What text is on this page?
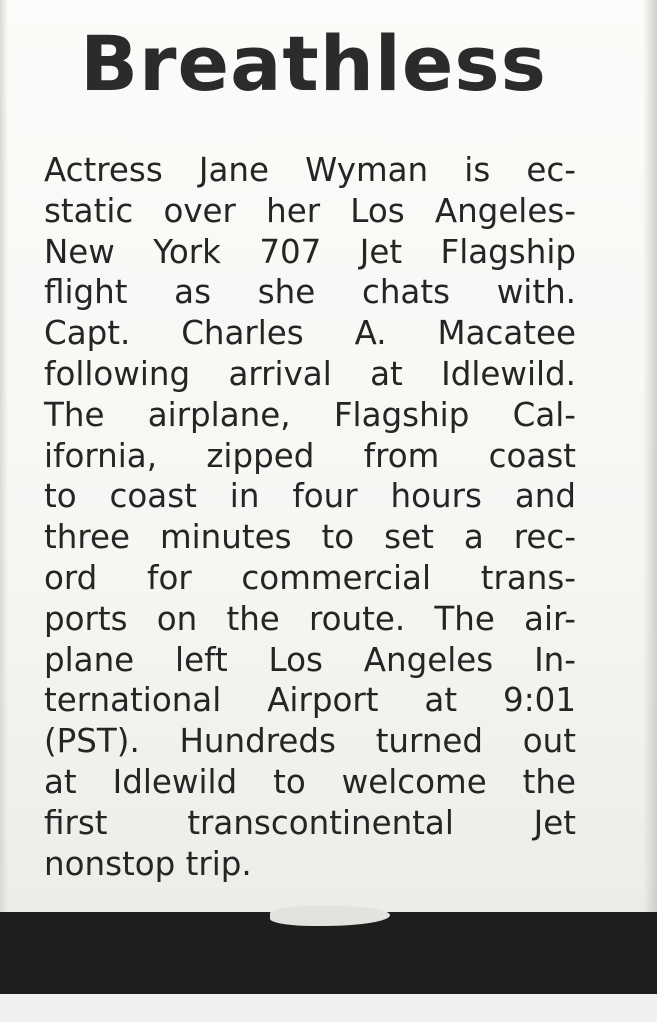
Breathless
Actress Jane Wyman is ec-
static over her Los Angeles-
New York 707 Jet Flagship
flight as she chats with.
Capt. Charles A. Macatee
following arrival at Idlewild.
The airplane, Flagship Cal-
ifornia, zipped from coast
to coast in four hours and
three minutes to set a rec-
ord for commercial trans-
ports on the route. The air-
plane left Los Angeles In-
ternational Airport at 9:01
(PST). Hundreds turned out
at Idlewild to welcome the
first transcontinental Jet
nonstop trip.
